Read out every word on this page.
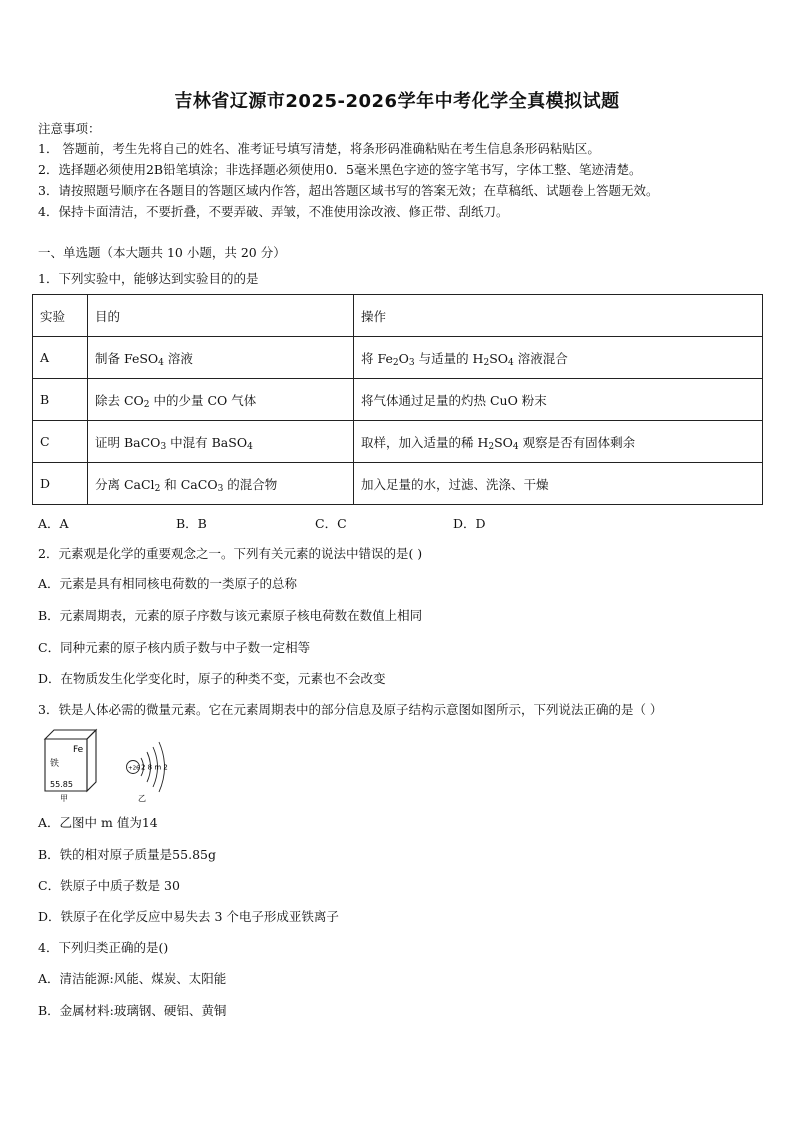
吉林省辽源市2025-2026学年中考化学全真模拟试题
注意事项：
1． 答题前，考生先将自己的姓名、准考证号填写清楚，将条形码准确粘贴在考生信息条形码粘贴区。
2．选择题必须使用2B铅笔填涂；非选择题必须使用0．5毫米黑色字迹的签字笔书写，字体工整、笔迹清楚。
3．请按照题号顺序在各题目的答题区域内作答，超出答题区域书写的答案无效；在草稿纸、试题卷上答题无效。
4．保持卡面清洁，不要折叠，不要弄破、弄皱，不准使用涂改液、修正带、刮纸刀。
一、单选题（本大题共 10 小题，共 20 分）
1．下列实验中，能够达到实验目的的是
实验	目的	操作
A	制备 FeSO$_4$ 溶液	将 $Fe_2O_3$ 与适量的 $H_2SO_4$ 溶液混合
B	除去 $CO_2$ 中的少量 CO 气体	将气体通过足量的灼热 CuO 粉末
C	证明 BaCO$_3$ 中混有 BaSO$_4$	取样，加入适量的稀 $H_2SO_4$ 观察是否有固体剩余
D	分离 CaCl$_2$ 和 CaCO$_3$ 的混合物	加入足量的水，过滤、洗涤、干燥
A．A	B．B	C．C	D．D
2．元素观是化学的重要观念之一。下列有关元素的说法中错误的是( )
A．元素是具有相同核电荷数的一类原子的总称
B．元素周期表，元素的原子序数与该元素原子核电荷数在数值上相同
C．同种元素的原子核内质子数与中子数一定相等
D．在物质发生化学变化时，原子的种类不变，元素也不会改变
3．铁是人体必需的微量元素。它在元素周期表中的部分信息及原子结构示意图如图所示，下列说法正确的是（ ）
Fe
铁
55.85
甲
+26 2 8 m 2
乙
A．乙图中 m 值为14
B．铁的相对原子质量是55.85g
C．铁原子中质子数是 30
D．铁原子在化学反应中易失去 3 个电子形成亚铁离子
4．下列归类正确的是()
A．清洁能源:风能、煤炭、太阳能
B．金属材料:玻璃钢、硬铝、黄铜
